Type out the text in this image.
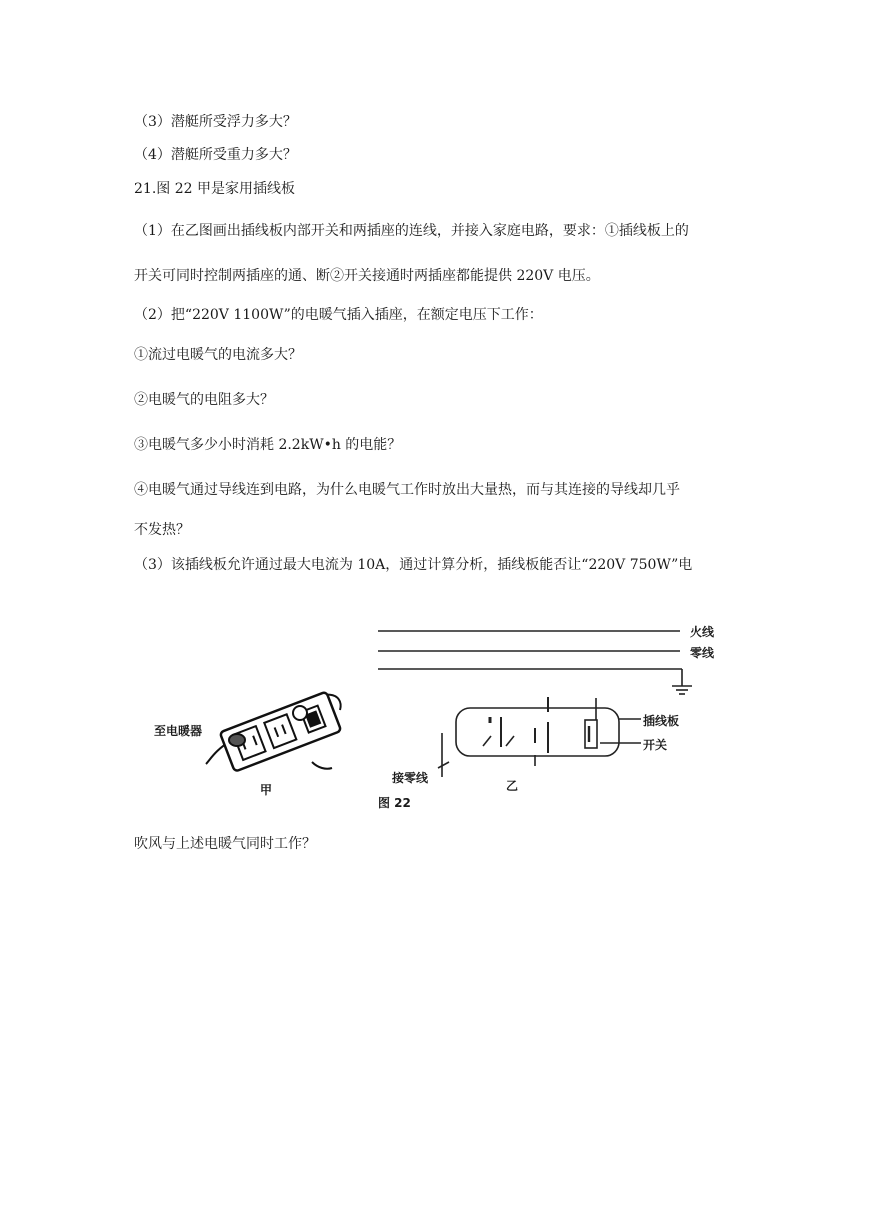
（3）潜艇所受浮力多大？
（4）潜艇所受重力多大？
21.图 22 甲是家用插线板
（1）在乙图画出插线板内部开关和两插座的连线，并接入家庭电路，要求：①插线板上的
开关可同时控制两插座的通、断②开关接通时两插座都能提供 220V 电压。
（2）把“220V 1100W”的电暖气插入插座，在额定电压下工作：
①流过电暖气的电流多大？
②电暖气的电阻多大？
③电暖气多少小时消耗 2.2kW•h 的电能？
④电暖气通过导线连到电路，为什么电暖气工作时放出大量热，而与其连接的导线却几乎
不发热？
（3）该插线板允许通过最大电流为 10A，通过计算分析，插线板能否让“220V 750W”电
吹风与上述电暖气同时工作？
火线
零线
插线板
开关
接零线
至电暖器
甲	乙
图 22
